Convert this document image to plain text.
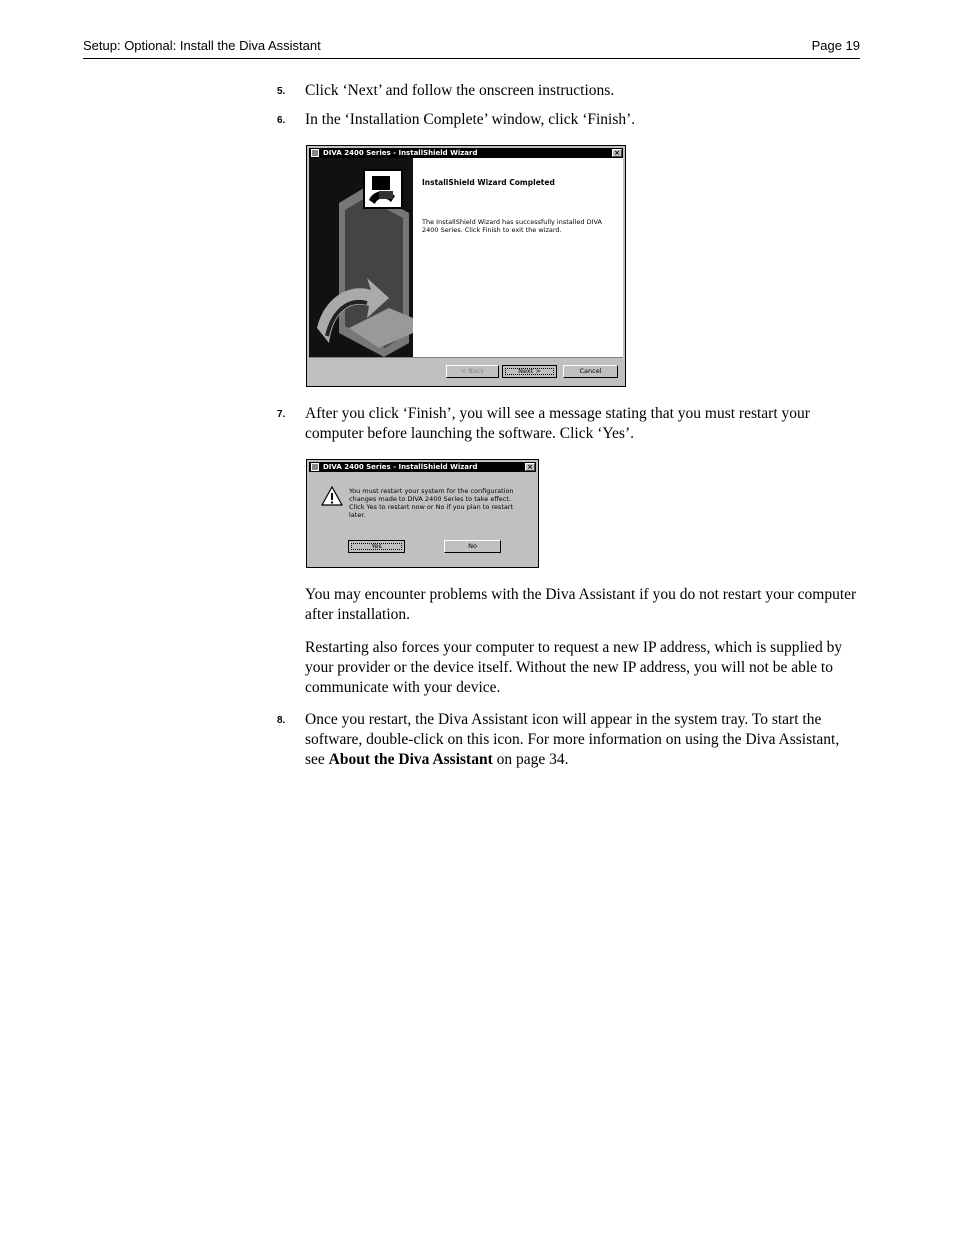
Setup: Optional: Install the Diva Assistant	Page 19
5. Click ‘Next’ and follow the onscreen instructions.
6. In the ‘Installation Complete’ window, click ‘Finish’.
DIVA 2400 Series - InstallShield Wizard	×
InstallShield Wizard Completed
The InstallShield Wizard has successfully installed DIVA 2400 Series. Click Finish to exit the wizard.
< Back	Next >	Cancel
7. After you click ‘Finish’, you will see a message stating that you must restart your computer before launching the software. Click ‘Yes’.
DIVA 2400 Series - InstallShield Wizard	×
You must restart your system for the configuration changes made to DIVA 2400 Series to take effect. Click Yes to restart now or No if you plan to restart later.
Yes	No
You may encounter problems with the Diva Assistant if you do not restart your computer after installation.
Restarting also forces your computer to request a new IP address, which is supplied by your provider or the device itself. Without the new IP address, you will not be able to communicate with your device.
8. Once you restart, the Diva Assistant icon will appear in the system tray. To start the software, double-click on this icon. For more information on using the Diva Assistant, see About the Diva Assistant on page 34.
